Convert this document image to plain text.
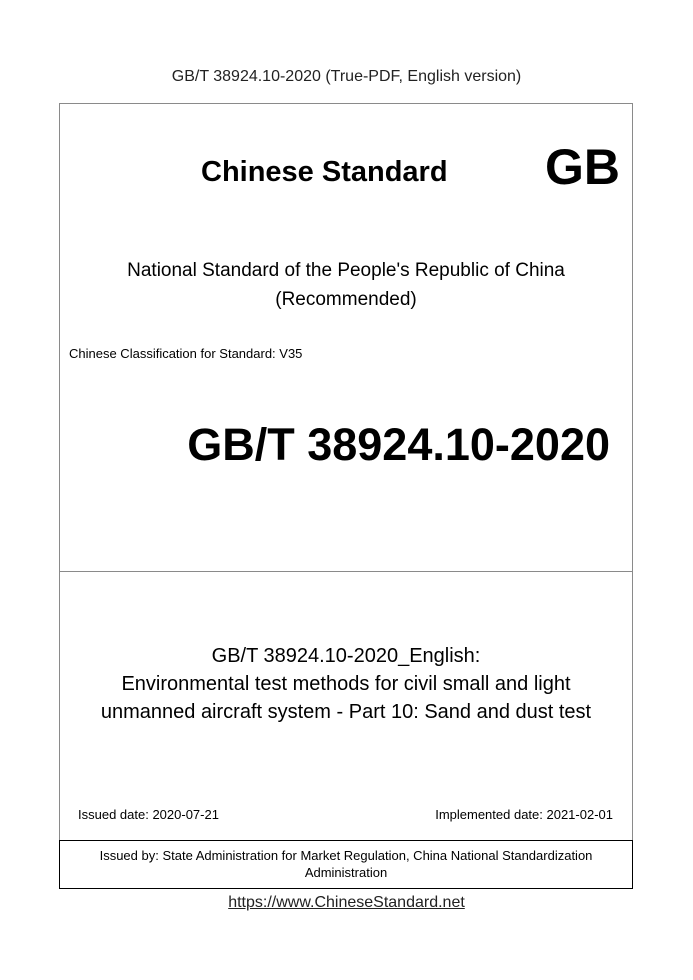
GB/T 38924.10-2020 (True-PDF, English version)
Chinese Standard GB
National Standard of the People's Republic of China
(Recommended)
Chinese Classification for Standard: V35
GB/T 38924.10-2020
GB/T 38924.10-2020_English:
Environmental test methods for civil small and light
unmanned aircraft system - Part 10: Sand and dust test
Issued date: 2020-07-21	Implemented date: 2021-02-01
Issued by: State Administration for Market Regulation, China National Standardization
Administration
https://www.ChineseStandard.net
